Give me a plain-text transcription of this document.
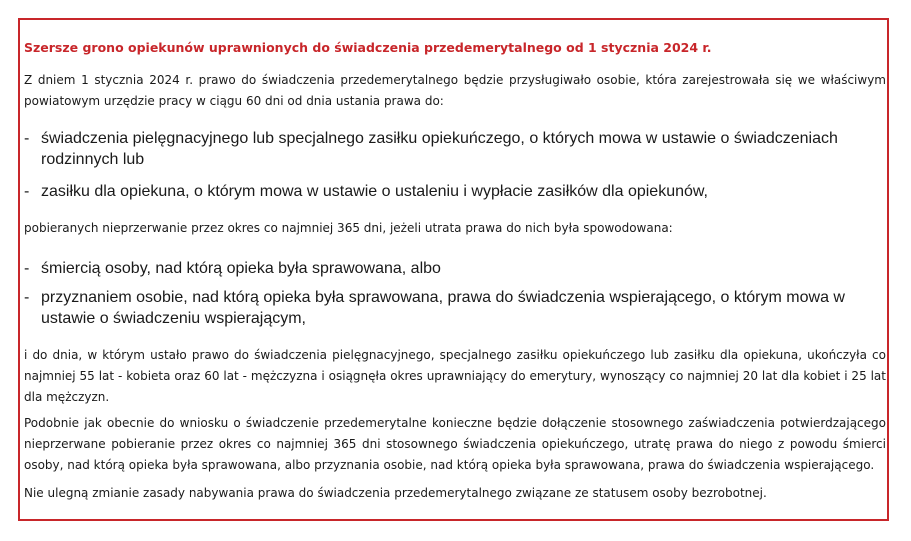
Szersze grono opiekunów uprawnionych do świadczenia przedemerytalnego od 1 stycznia 2024 r.
Z dniem 1 stycznia 2024 r. prawo do świadczenia przedemerytalnego będzie przysługiwało osobie, która zarejestrowała się we właściwym powiatowym urzędzie pracy w ciągu 60 dni od dnia ustania prawa do:
- świadczenia pielęgnacyjnego lub specjalnego zasiłku opiekuńczego, o których mowa w ustawie o świadczeniach rodzinnych lub
- zasiłku dla opiekuna, o którym mowa w ustawie o ustaleniu i wypłacie zasiłków dla opiekunów,
pobieranych nieprzerwanie przez okres co najmniej 365 dni, jeżeli utrata prawa do nich była spowodowana:
- śmiercią osoby, nad którą opieka była sprawowana, albo
- przyznaniem osobie, nad którą opieka była sprawowana, prawa do świadczenia wspierającego, o którym mowa w ustawie o świadczeniu wspierającym,
i do dnia, w którym ustało prawo do świadczenia pielęgnacyjnego, specjalnego zasiłku opiekuńczego lub zasiłku dla opiekuna, ukończyła co najmniej 55 lat - kobieta oraz 60 lat - mężczyzna i osiągnęła okres uprawniający do emerytury, wynoszący co najmniej 20 lat dla kobiet i 25 lat dla mężczyzn.
Podobnie jak obecnie do wniosku o świadczenie przedemerytalne konieczne będzie dołączenie stosownego zaświadczenia potwierdzającego nieprzerwane pobieranie przez okres co najmniej 365 dni stosownego świadczenia opiekuńczego, utratę prawa do niego z powodu śmierci osoby, nad którą opieka była sprawowana, albo przyznania osobie, nad którą opieka była sprawowana, prawa do świadczenia wspierającego.
Nie ulegną zmianie zasady nabywania prawa do świadczenia przedemerytalnego związane ze statusem osoby bezrobotnej.
